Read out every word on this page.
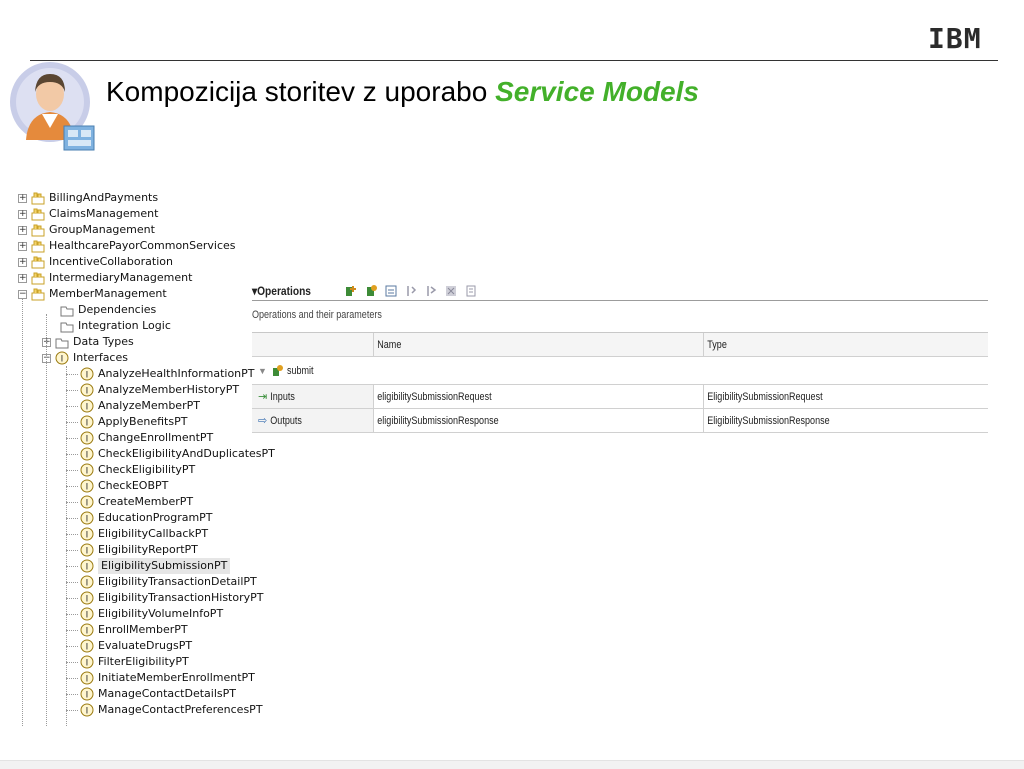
IBM
Kompozicija storitev z uporabo Service Models
+ BillingAndPayments
+ ClaimsManagement
+ GroupManagement
+ HealthcarePayorCommonServices
+ IncentiveCollaboration
+ IntermediaryManagement
− MemberManagement
Dependencies
Integration Logic
+ Data Types
− I Interfaces
I AnalyzeHealthInformationPT
I AnalyzeMemberHistoryPT
I AnalyzeMemberPT
I ApplyBenefitsPT
I ChangeEnrollmentPT
I CheckEligibilityAndDuplicatesPT
I CheckEligibilityPT
I CheckEOBPT
I CreateMemberPT
I EducationProgramPT
I EligibilityCallbackPT
I EligibilityReportPT
I EligibilitySubmissionPT
I EligibilityTransactionDetailPT
I EligibilityTransactionHistoryPT
I EligibilityVolumeInfoPT
I EnrollMemberPT
I EvaluateDrugsPT
I FilterEligibilityPT
I InitiateMemberEnrollmentPT
I ManageContactDetailsPT
I ManageContactPreferencesPT
▾Operations
Operations and their parameters
Name	Type
▼ submit
⇥ Inputs	eligibilitySubmissionRequest	EligibilitySubmissionRequest
⇨ Outputs	eligibilitySubmissionResponse	EligibilitySubmissionResponse
